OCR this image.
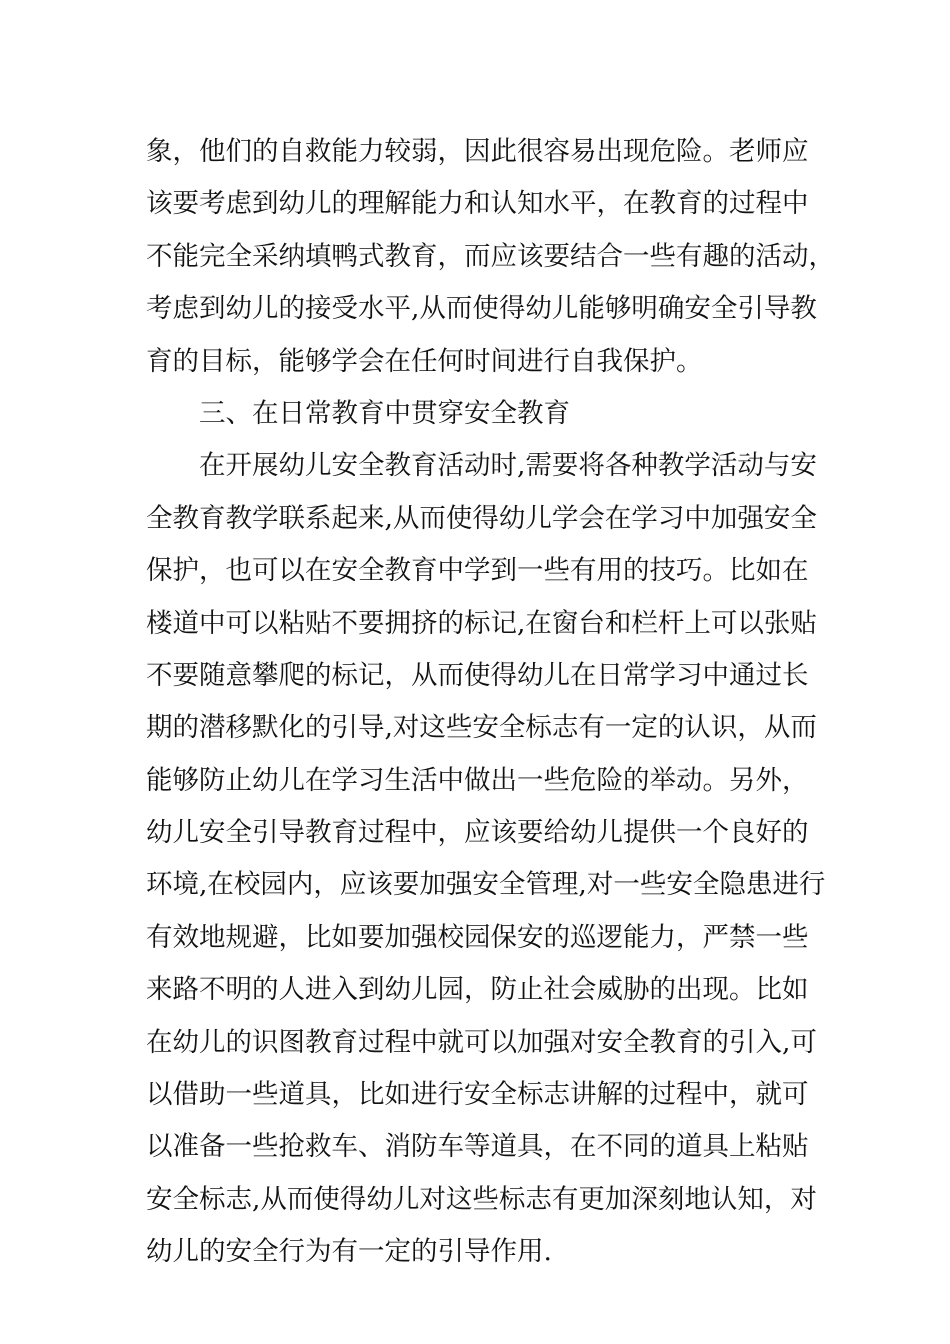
象，他们的自救能力较弱，因此很容易出现危险。老师应
该要考虑到幼儿的理解能力和认知水平，在教育的过程中
不能完全采纳填鸭式教育，而应该要结合一些有趣的活动，
考虑到幼儿的接受水平,从而使得幼儿能够明确安全引导教
育的目标，能够学会在任何时间进行自我保护。
三、在日常教育中贯穿安全教育
在开展幼儿安全教育活动时,需要将各种教学活动与安
全教育教学联系起来,从而使得幼儿学会在学习中加强安全
保护，也可以在安全教育中学到一些有用的技巧。比如在
楼道中可以粘贴不要拥挤的标记,在窗台和栏杆上可以张贴
不要随意攀爬的标记，从而使得幼儿在日常学习中通过长
期的潜移默化的引导,对这些安全标志有一定的认识，从而
能够防止幼儿在学习生活中做出一些危险的举动。另外，
幼儿安全引导教育过程中，应该要给幼儿提供一个良好的
环境,在校园内，应该要加强安全管理,对一些安全隐患进行
有效地规避，比如要加强校园保安的巡逻能力，严禁一些
来路不明的人进入到幼儿园，防止社会威胁的出现。比如
在幼儿的识图教育过程中就可以加强对安全教育的引入,可
以借助一些道具，比如进行安全标志讲解的过程中，就可
以准备一些抢救车、消防车等道具，在不同的道具上粘贴
安全标志,从而使得幼儿对这些标志有更加深刻地认知，对
幼儿的安全行为有一定的引导作用.
